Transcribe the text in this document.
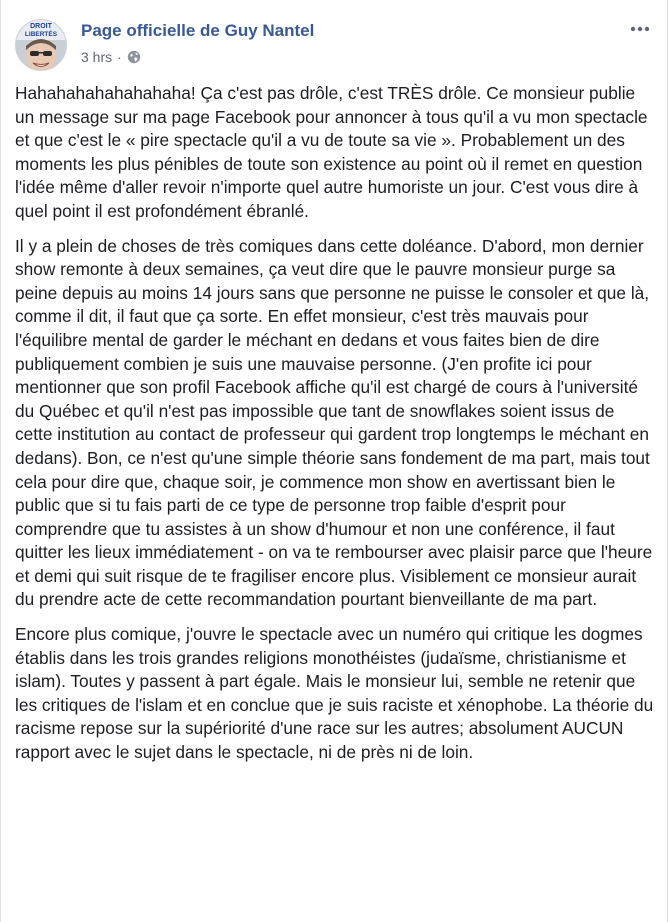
DROIT
LIBERTÉS Page officielle de Guy Nantel
3 hrs ·

Hahahahahahahahaha! Ça c'est pas drôle, c'est TRÈS drôle. Ce monsieur publie un message sur ma page Facebook pour annoncer à tous qu'il a vu mon spectacle et que c'est le « pire spectacle qu'il a vu de toute sa vie ». Probablement un des moments les plus pénibles de toute son existence au point où il remet en question l'idée même d'aller revoir n'importe quel autre humoriste un jour. C'est vous dire à quel point il est profondément ébranlé.

Il y a plein de choses de très comiques dans cette doléance. D'abord, mon dernier show remonte à deux semaines, ça veut dire que le pauvre monsieur purge sa peine depuis au moins 14 jours sans que personne ne puisse le consoler et que là, comme il dit, il faut que ça sorte. En effet monsieur, c'est très mauvais pour l'équilibre mental de garder le méchant en dedans et vous faites bien de dire publiquement combien je suis une mauvaise personne. (J'en profite ici pour mentionner que son profil Facebook affiche qu'il est chargé de cours à l'université du Québec et qu'il n'est pas impossible que tant de snowflakes soient issus de cette institution au contact de professeur qui gardent trop longtemps le méchant en dedans). Bon, ce n'est qu'une simple théorie sans fondement de ma part, mais tout cela pour dire que, chaque soir, je commence mon show en avertissant bien le public que si tu fais parti de ce type de personne trop faible d'esprit pour comprendre que tu assistes à un show d'humour et non une conférence, il faut quitter les lieux immédiatement - on va te rembourser avec plaisir parce que l'heure et demi qui suit risque de te fragiliser encore plus. Visiblement ce monsieur aurait du prendre acte de cette recommandation pourtant bienveillante de ma part.

Encore plus comique, j'ouvre le spectacle avec un numéro qui critique les dogmes établis dans les trois grandes religions monothéistes (judaïsme, christianisme et islam). Toutes y passent à part égale. Mais le monsieur lui, semble ne retenir que les critiques de l'islam et en conclue que je suis raciste et xénophobe. La théorie du racisme repose sur la supériorité d'une race sur les autres; absolument AUCUN rapport avec le sujet dans le spectacle, ni de près ni de loin.
